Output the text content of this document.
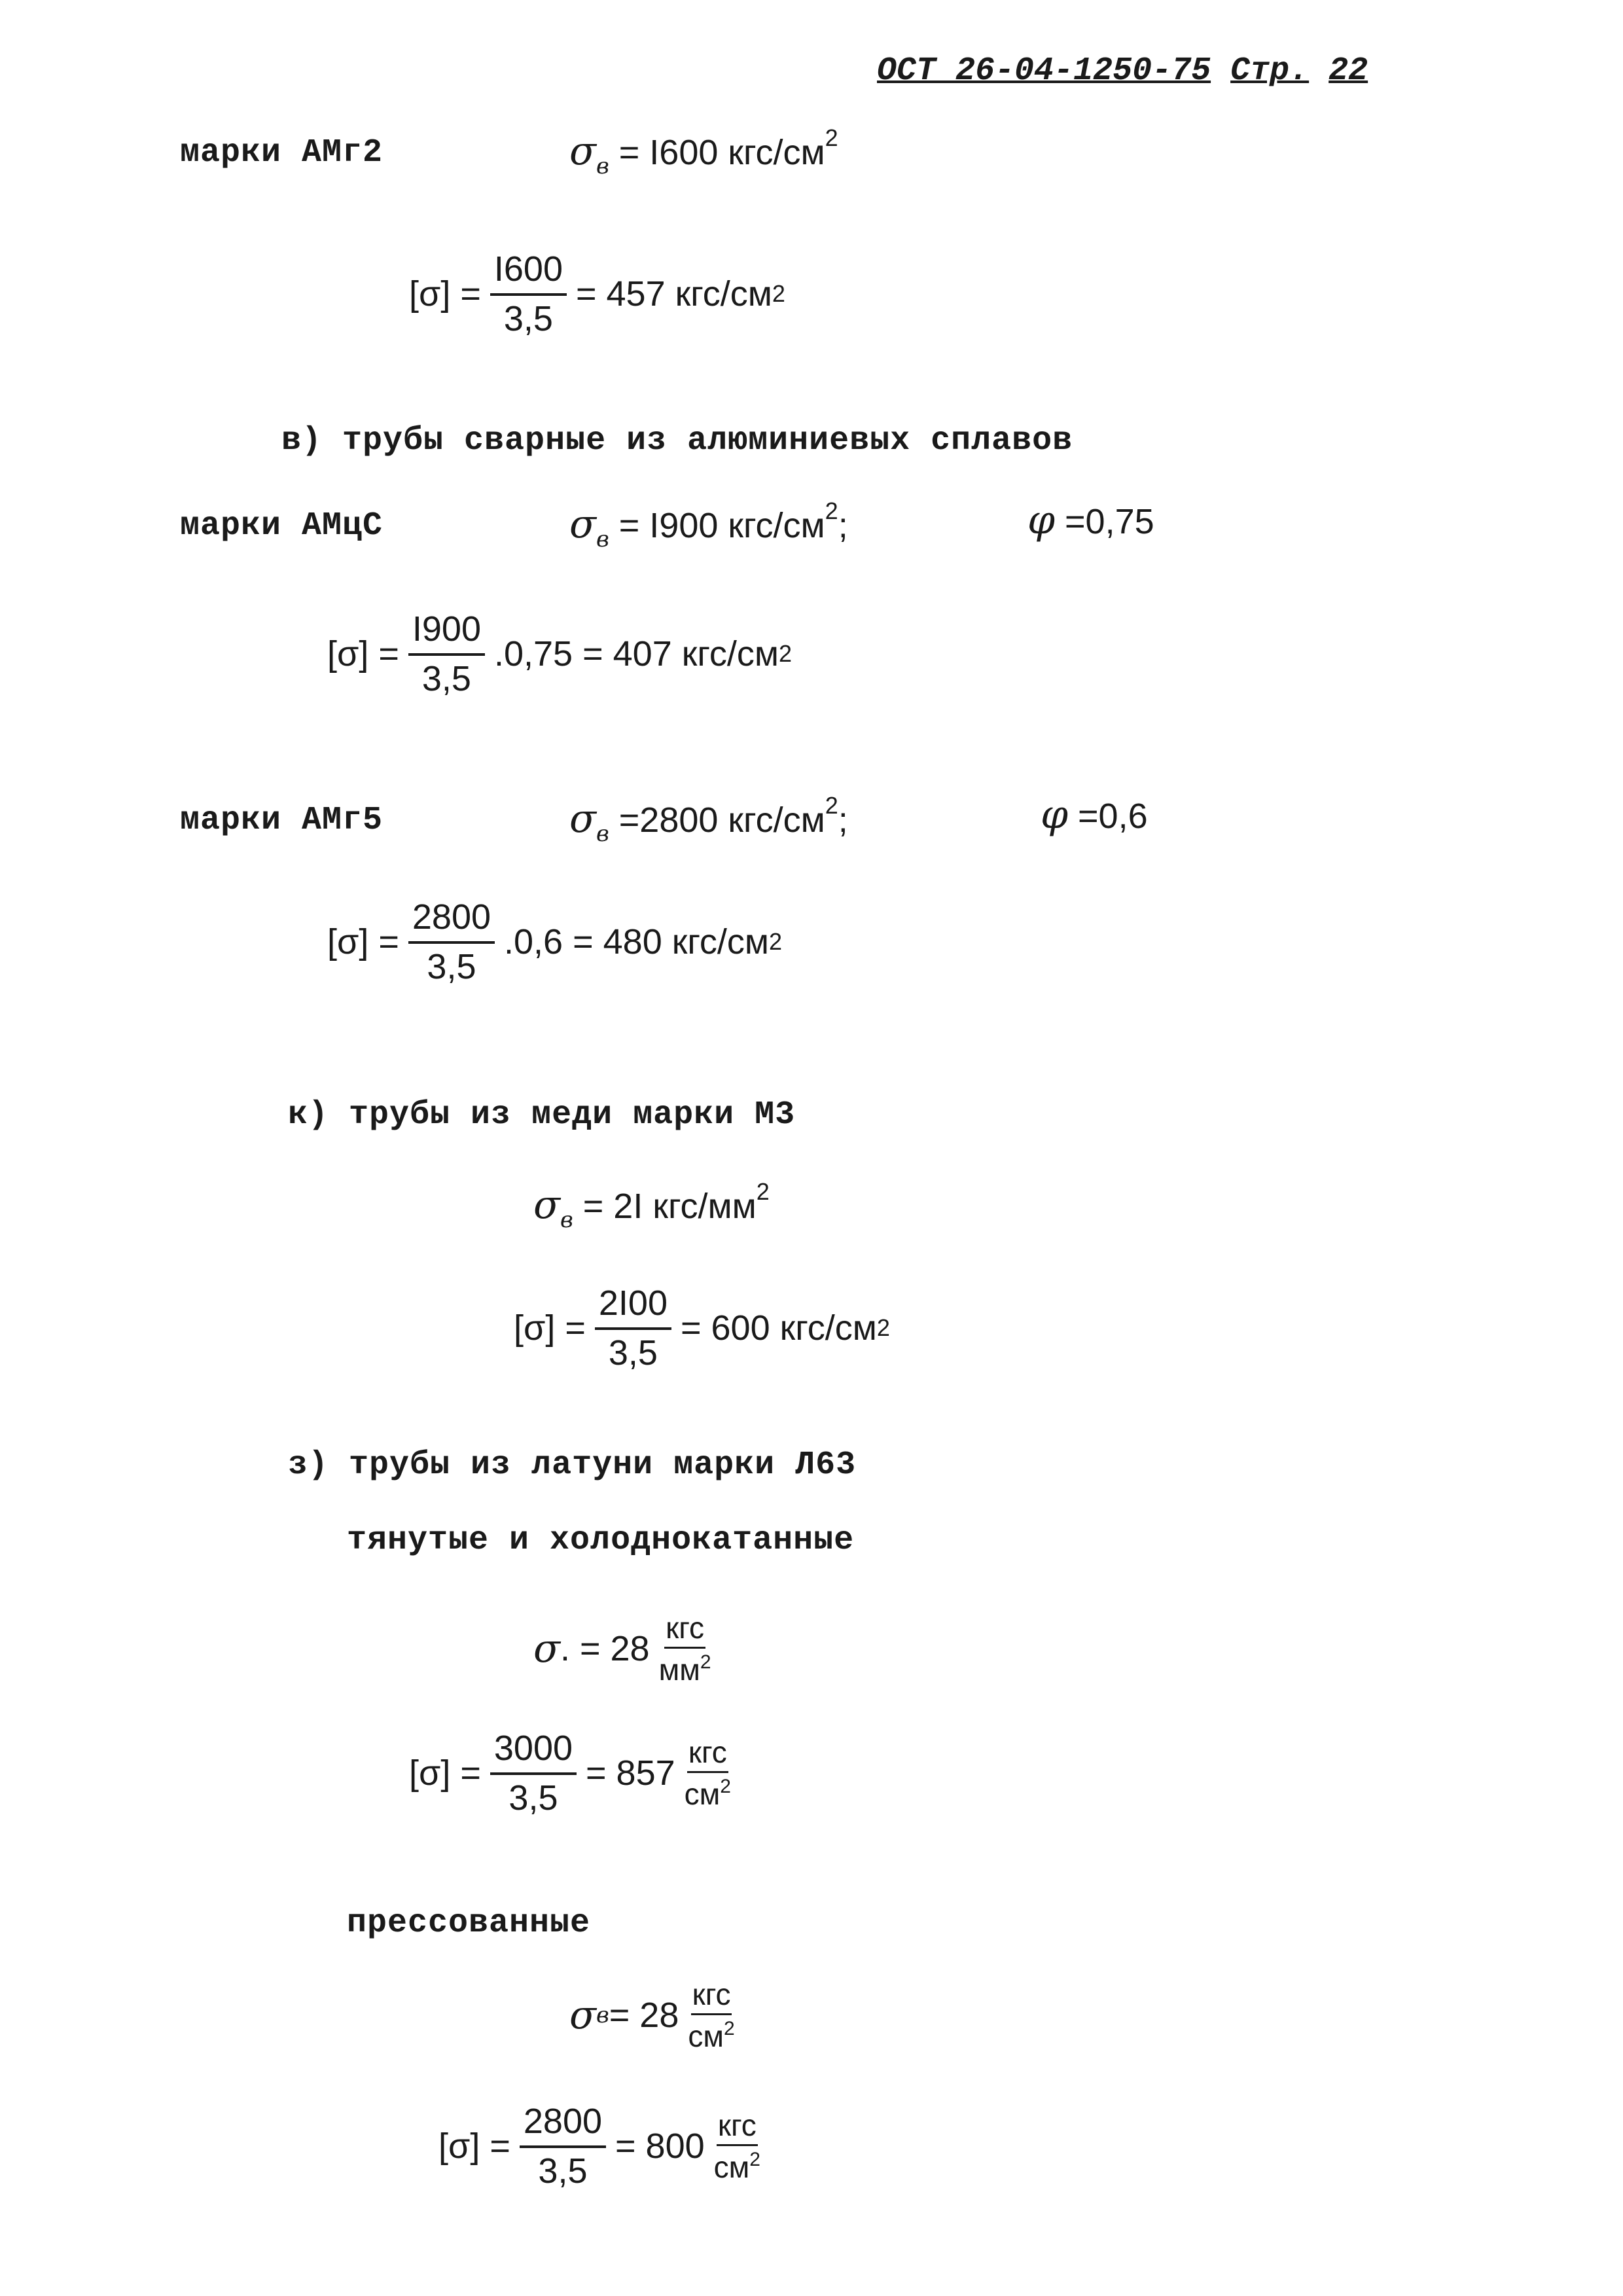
ОСТ 26-04-1250-75 Стр. 22
марки АМг2	$\sigma_в = I600$ кгс/$см^2$
$[\sigma] = \frac{I600}{3,5} = 457$ кгс/см 2
в) трубы сварные из алюминиевых сплавов
марки АМцС	$\sigma_в = I900$ кгс/$см^2$;	φ =0,75
$[\sigma] = \frac{I900}{3,5} .0,75 = 407$ кгс/см 2
марки АМг5	$\sigma_в =2800$ кгс/$см^2$;	φ =0,6
$[\sigma] = \frac{2800}{3,5} .0,6 = 480$ кгс/см 2
к) трубы из меди марки М3
$\sigma_в = 2I$ кгс/$мм^2$
$[\sigma] = \frac{2I00}{3,5} = 600$ кгс/см 2
з) трубы из латуни марки Л63
тянутые и холоднокатанные
σ . = $28 \frac{\text{кгс}}{мм^2}$
$[\sigma] = \frac{3000}{3,5} = 857 \frac{\text{кгс}}{см^2}$
прессованные
σ $в = 28 \frac{\text{кгс}}{см^2}$
$[\sigma] = \frac{2800}{3,5} = 800 \frac{\text{кгс}}{см^2}$
